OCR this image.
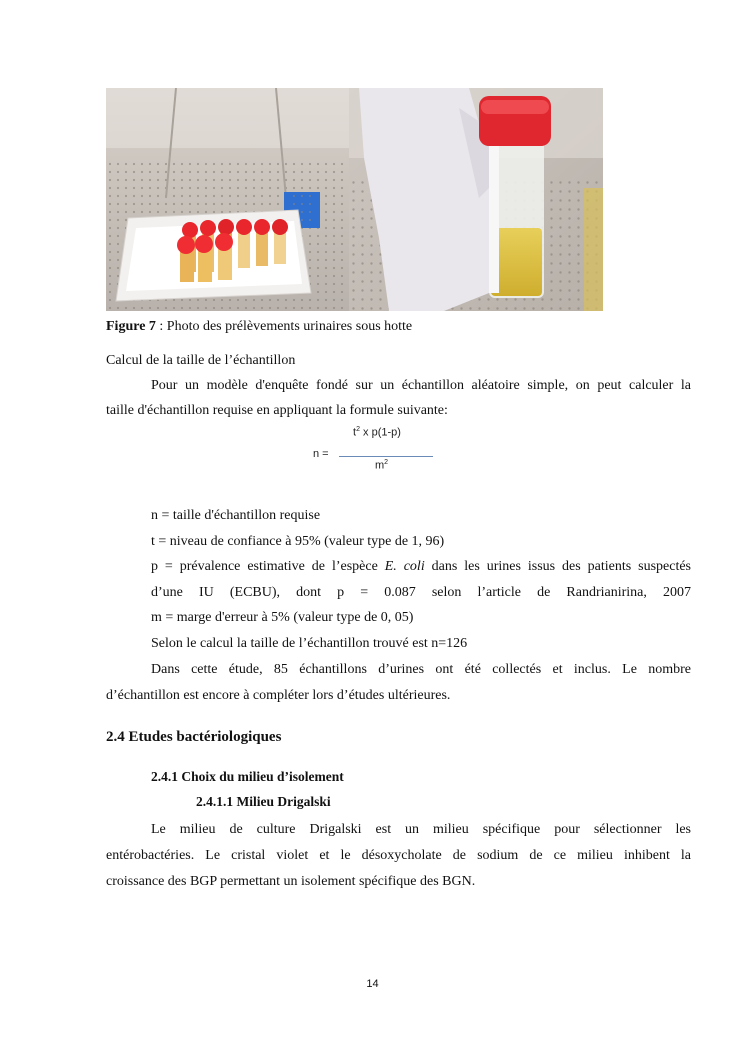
Figure 7 : Photo des prélèvements urinaires sous hotte
Calcul de la taille de l’échantillon
Pour un modèle d'enquête fondé sur un échantillon aléatoire simple, on peut calculer la
taille d'échantillon requise en appliquant la formule suivante:
$t^2$ x p(1-p)
n =
$m^2$
n = taille d'échantillon requise
t = niveau de confiance à 95% (valeur type de 1, 96)
p = prévalence estimative de l’espèce E. coli dans les urines issus des patients suspectés
d’une IU (ECBU), dont p = 0.087 selon l’article de Randrianirina, 2007
m = marge d'erreur à 5% (valeur type de 0, 05)
Selon le calcul la taille de l’échantillon trouvé est n=126
Dans cette étude, 85 échantillons d’urines ont été collectés et inclus. Le nombre
d’échantillon est encore à compléter lors d’études ultérieures.
2.4 Etudes bactériologiques
2.4.1 Choix du milieu d’isolement
2.4.1.1 Milieu Drigalski
Le milieu de culture Drigalski est un milieu spécifique pour sélectionner les
entérobactéries. Le cristal violet et le désoxycholate de sodium de ce milieu inhibent la
croissance des BGP permettant un isolement spécifique des BGN.
14
